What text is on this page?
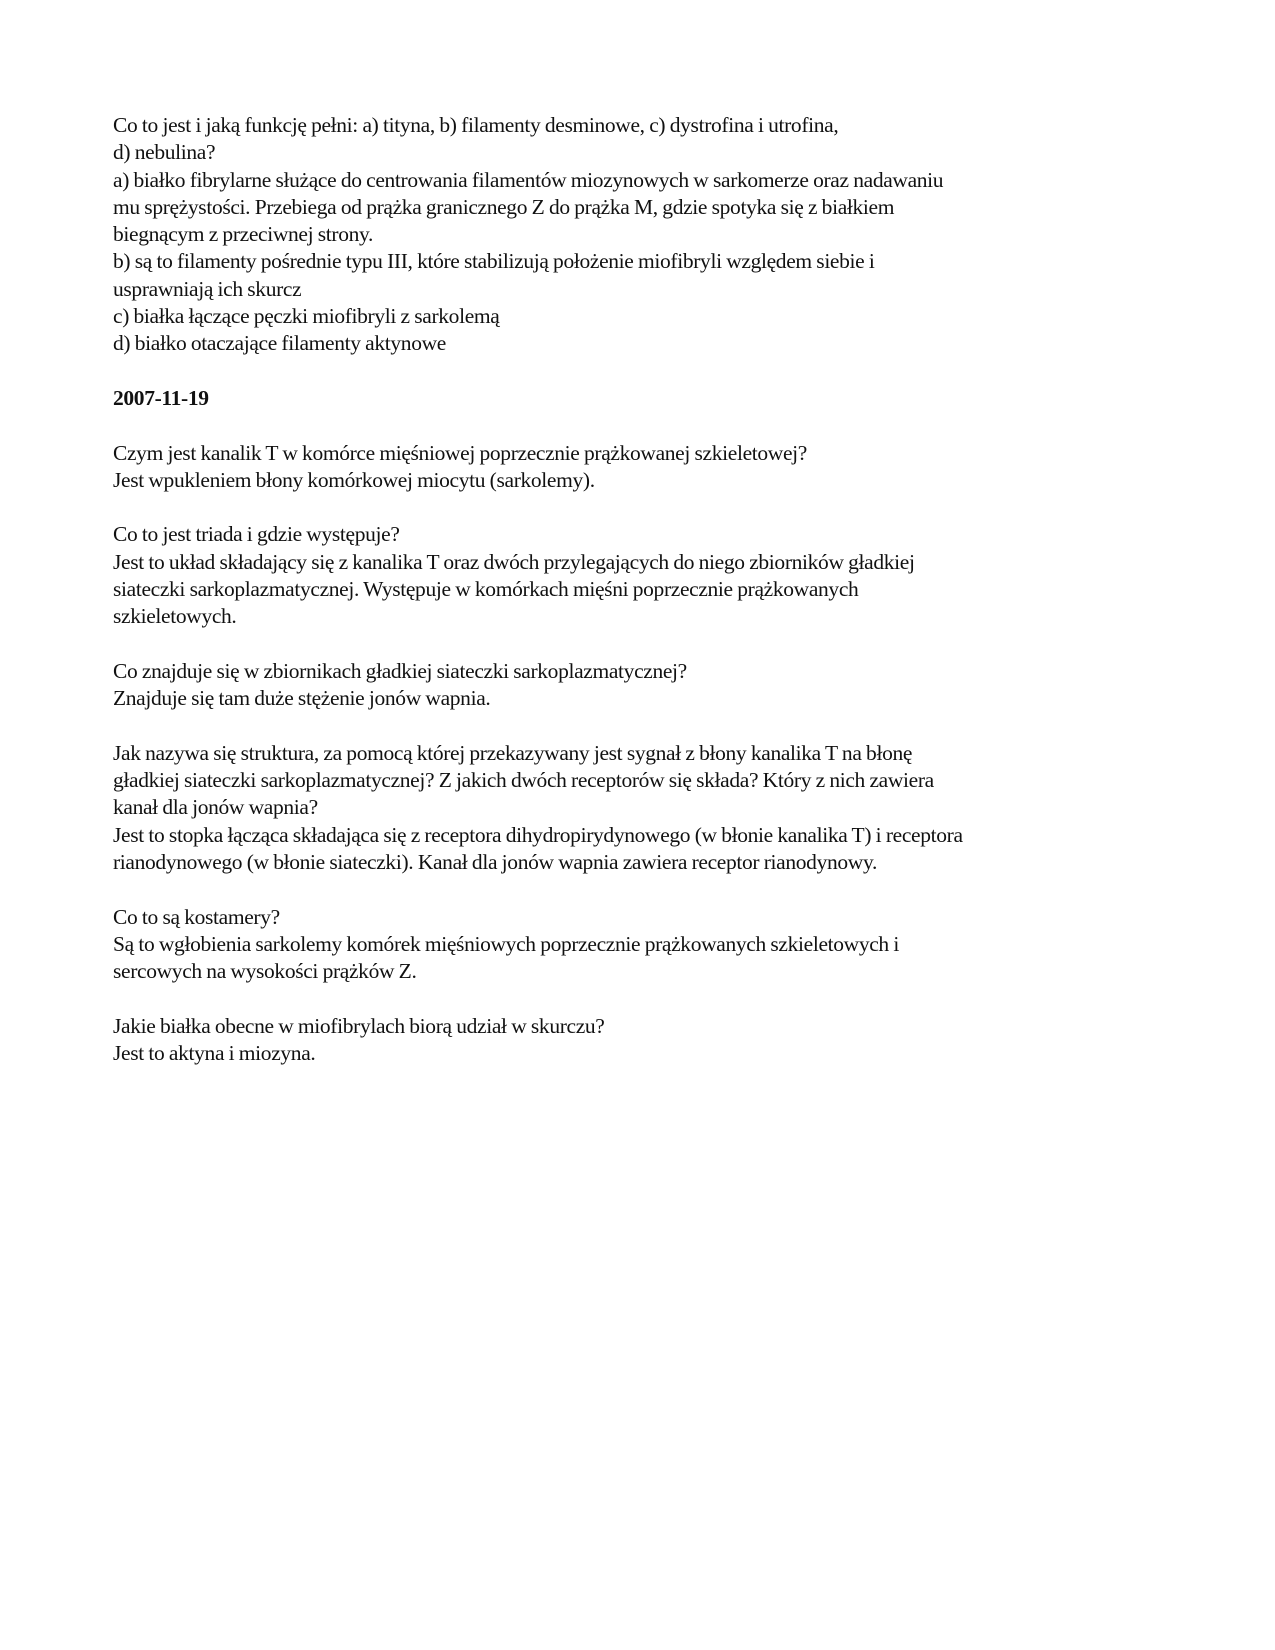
Co to jest i jaką funkcję pełni: a) tityna, b) filamenty desminowe, c) dystrofina i utrofina,
d) nebulina?
a) białko fibrylarne służące do centrowania filamentów miozynowych w sarkomerze oraz nadawaniu
mu sprężystości. Przebiega od prążka granicznego Z do prążka M, gdzie spotyka się z białkiem
biegnącym z przeciwnej strony.
b) są to filamenty pośrednie typu III, które stabilizują położenie miofibryli względem siebie i
usprawniają ich skurcz
c) białka łączące pęczki miofibryli z sarkolemą
d) białko otaczające filamenty aktynowe
2007-11-19
Czym jest kanalik T w komórce mięśniowej poprzecznie prążkowanej szkieletowej?
Jest wpukleniem błony komórkowej miocytu (sarkolemy).
Co to jest triada i gdzie występuje?
Jest to układ składający się z kanalika T oraz dwóch przylegających do niego zbiorników gładkiej
siateczki sarkoplazmatycznej. Występuje w komórkach mięśni poprzecznie prążkowanych
szkieletowych.
Co znajduje się w zbiornikach gładkiej siateczki sarkoplazmatycznej?
Znajduje się tam duże stężenie jonów wapnia.
Jak nazywa się struktura, za pomocą której przekazywany jest sygnał z błony kanalika T na błonę
gładkiej siateczki sarkoplazmatycznej? Z jakich dwóch receptorów się składa? Który z nich zawiera
kanał dla jonów wapnia?
Jest to stopka łącząca składająca się z receptora dihydropirydynowego (w błonie kanalika T) i receptora
rianodynowego (w błonie siateczki). Kanał dla jonów wapnia zawiera receptor rianodynowy.
Co to są kostamery?
Są to wgłobienia sarkolemy komórek mięśniowych poprzecznie prążkowanych szkieletowych i
sercowych na wysokości prążków Z.
Jakie białka obecne w miofibrylach biorą udział w skurczu?
Jest to aktyna i miozyna.
